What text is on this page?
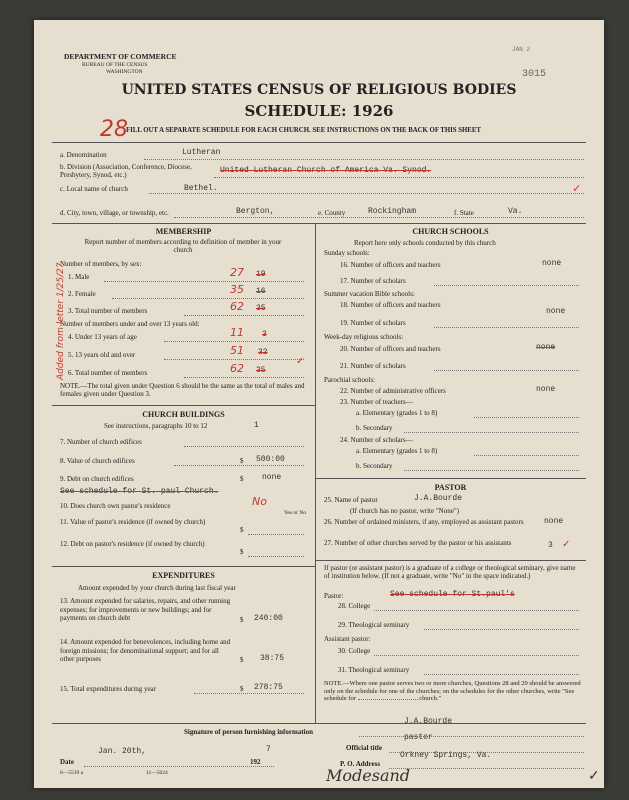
DEPARTMENT OF COMMERCE
BUREAU OF THE CENSUS
WASHINGTON
JAN 2
3015
UNITED STATES CENSUS OF RELIGIOUS BODIES
SCHEDULE: 1926
28
FILL OUT A SEPARATE SCHEDULE FOR EACH CHURCH. SEE INSTRUCTIONS ON THE BACK OF THIS SHEET
a. Denomination	Lutheran
b. Division (Association, Conference, Diocese, Presbytery, Synod, etc.)	United Lutheran Church of America Va. Synod.
c. Local name of church	Bethel.
d. City, town, village, or township, etc.	Bergton,	e. County	Rockingham	f. State	Va.
MEMBERSHIP
Report number of members according to definition of member in your church
Number of members, by sex:
1. Male	27 19
2. Female	35 16
3. Total number of members	62 35
Number of members under and over 13 years old:
4. Under 13 years of age	11 3
5. 13 years old and over	51 32
6. Total number of members	62 35
NOTE.—The total given under Question 6 should be the same as the total of males and females given under Question 3.
CHURCH BUILDINGS
See instructions, paragraphs 10 to 12	1
7. Number of church edifices
8. Value of church edifices	$ 500:00
9. Debt on church edifices	$ none
See schedule for St. paul Church.
10. Does church own pastor's residence	No
Yes or No
11. Value of pastor's residence (if owned by church)
$
12. Debt on pastor's residence (if owned by church)
$
EXPENDITURES
Amount expended by your church during last fiscal year
13. Amount expended for salaries, repairs, and other running expenses; for improvements or new buildings; and for payments on church debt	$ 240:00
14. Amount expended for benevolences, including home and foreign missions; for denominational support; and for all other purposes	$ 38:75
15. Total expenditures during year	$ 278:75
CHURCH SCHOOLS
Report here only schools conducted by this church
Sunday schools:
16. Number of officers and teachers	none
17. Number of scholars
Summer vacation Bible schools:
18. Number of officers and teachers
none
19. Number of scholars
Week-day religious schools:
20. Number of officers and teachers	none
21. Number of scholars
Parochial schools:
22. Number of administrative officers	none
23. Number of teachers—
a. Elementary (grades 1 to 8)
b. Secondary
24. Number of scholars—
a. Elementary (grades 1 to 8)
b. Secondary
PASTOR
25. Name of pastor	J.A.Bourde
(If church has no pastor, write "None")
26. Number of ordained ministers, if any, employed as assistant pastors	none
27. Number of other churches served by the pastor or his assistants	3
If pastor (or assistant pastor) is a graduate of a college or theological seminary, give name of institution below. (If not a graduate, write "No" in the space indicated.)
Pastor:	See schedule for St.paul's
28. College
29. Theological seminary
Assistant pastor:
30. College
31. Theological seminary
NOTE.—Where one pastor serves two or more churches, Questions 28 and 29 should be answered only on the schedule for one of the churches; on the schedules for the other churches, write "See schedule for	church."
J.A.Bourde
Signature of person furnishing information
pastor
Official title
Jan. 20th,	7
Date	192
Orkney Springs, Va.
P. O. Address
6—5519 a	11—5024	Modesand	✓
Added from letter 1/25/27
✓
✓
✓
